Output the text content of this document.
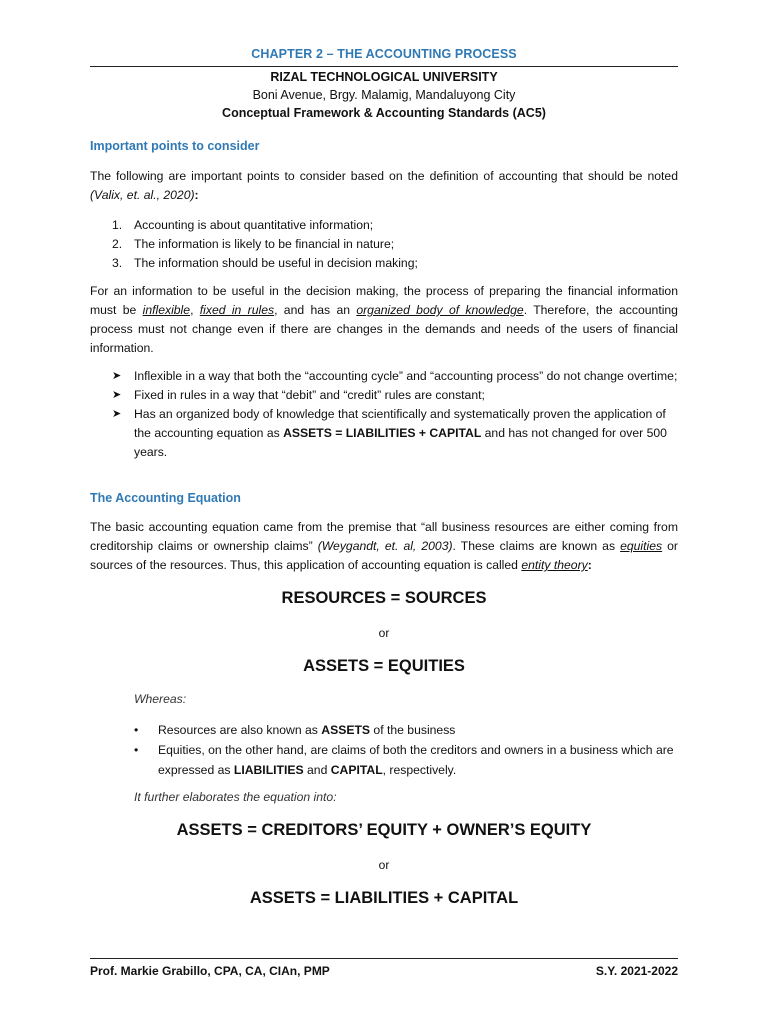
CHAPTER 2 – THE ACCOUNTING PROCESS
RIZAL TECHNOLOGICAL UNIVERSITY
Boni Avenue, Brgy. Malamig, Mandaluyong City
Conceptual Framework & Accounting Standards (AC5)
Important points to consider
The following are important points to consider based on the definition of accounting that should be noted (Valix, et. al., 2020):
1. Accounting is about quantitative information;
2. The information is likely to be financial in nature;
3. The information should be useful in decision making;
For an information to be useful in the decision making, the process of preparing the financial information must be inflexible, fixed in rules, and has an organized body of knowledge. Therefore, the accounting process must not change even if there are changes in the demands and needs of the users of financial information.
➤	Inflexible in a way that both the “accounting cycle” and “accounting process” do not change overtime;
➤	Fixed in rules in a way that “debit” and “credit” rules are constant;
➤	Has an organized body of knowledge that scientifically and systematically proven the application of the accounting equation as ASSETS = LIABILITIES + CAPITAL and has not changed for over 500 years.
The Accounting Equation
The basic accounting equation came from the premise that “all business resources are either coming from creditorship claims or ownership claims” (Weygandt, et. al, 2003). These claims are known as equities or sources of the resources. Thus, this application of accounting equation is called entity theory:
RESOURCES = SOURCES
or
ASSETS = EQUITIES
Whereas:
•	Resources are also known as ASSETS of the business
•	Equities, on the other hand, are claims of both the creditors and owners in a business which are expressed as LIABILITIES and CAPITAL, respectively.
It further elaborates the equation into:
ASSETS = CREDITORS’ EQUITY + OWNER’S EQUITY
or
ASSETS = LIABILITIES + CAPITAL
Prof. Markie Grabillo, CPA, CA, CIAn, PMP	S.Y. 2021-2022
